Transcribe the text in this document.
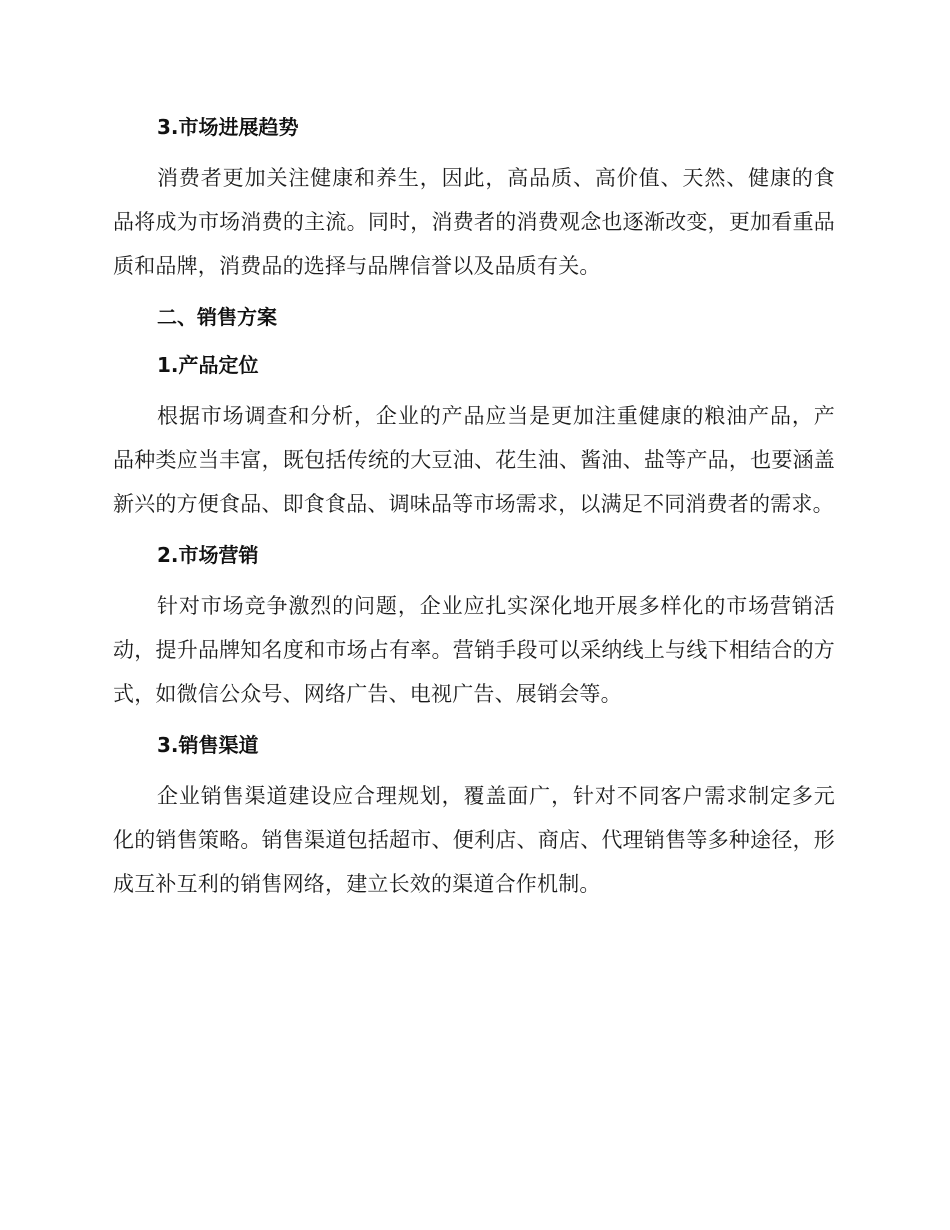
3.市场进展趋势

消费者更加关注健康和养生，因此，高品质、高价值、天然、健康的食品将成为市场消费的主流。同时，消费者的消费观念也逐渐改变，更加看重品质和品牌，消费品的选择与品牌信誉以及品质有关。

二、销售方案
1.产品定位

根据市场调查和分析，企业的产品应当是更加注重健康的粮油产品，产品种类应当丰富，既包括传统的大豆油、花生油、酱油、盐等产品，也要涵盖新兴的方便食品、即食食品、调味品等市场需求，以满足不同消费者的需求。

2.市场营销

针对市场竞争激烈的问题，企业应扎实深化地开展多样化的市场营销活动，提升品牌知名度和市场占有率。营销手段可以采纳线上与线下相结合的方式，如微信公众号、网络广告、电视广告、展销会等。

3.销售渠道

企业销售渠道建设应合理规划，覆盖面广，针对不同客户需求制定多元化的销售策略。销售渠道包括超市、便利店、商店、代理销售等多种途径，形成互补互利的销售网络，建立长效的渠道合作机制。
